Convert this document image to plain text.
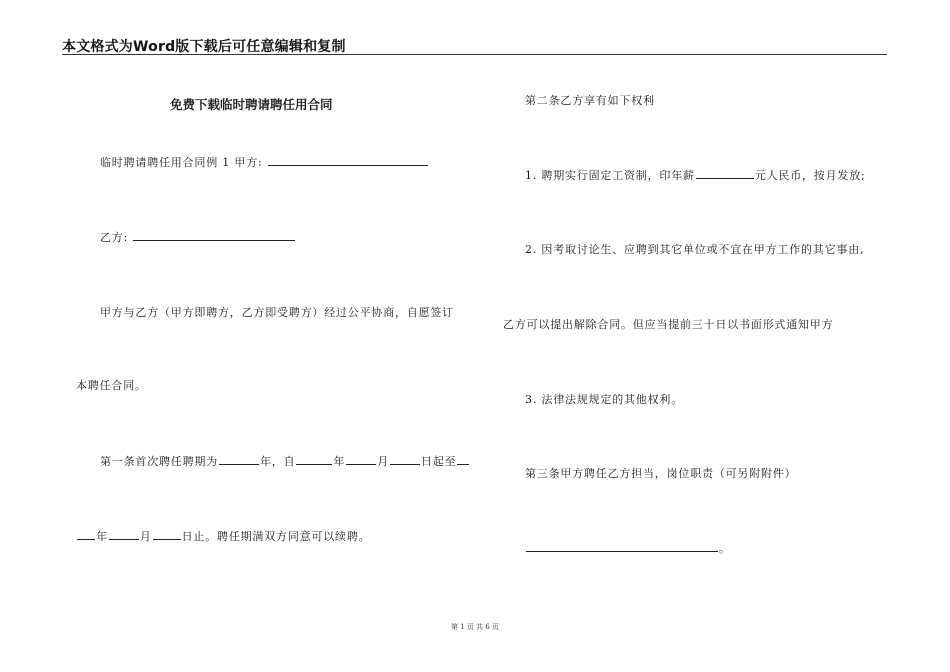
本文格式为Word版下载后可任意编辑和复制
免费下载临时聘请聘任用合同
临时聘请聘任用合同例 1 甲方:
乙方:
甲方与乙方（甲方即聘方，乙方即受聘方）经过公平协商，自愿签订
本聘任合同。
第一条首次聘任聘期为	年，自	年	月	日起至
年	月	日止。聘任期满双方同意可以续聘。
第二条乙方享有如下权利
1. 聘期实行固定工资制，印年薪	元人民币，按月发放;
2. 因考取讨论生、应聘到其它单位或不宜在甲方工作的其它事由,
乙方可以提出解除合同。但应当提前三十日以书面形式通知甲方
3. 法律法规规定的其他权利。
第三条甲方聘任乙方担当，岗位职责（可另附附件）
。
第 1 页 共 6 页
